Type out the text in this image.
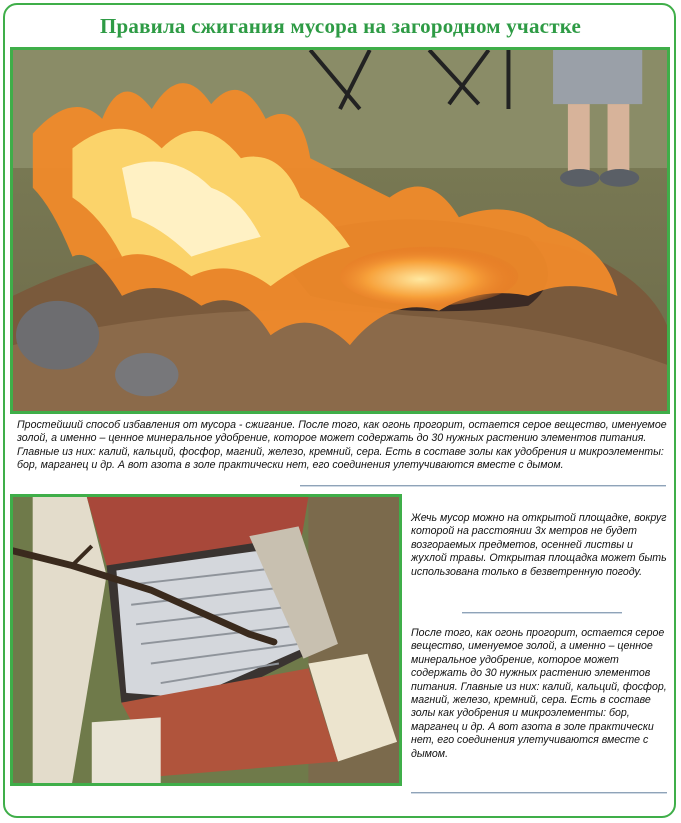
Правила сжигания мусора на загородном участке

Простейший способ избавления от мусора - сжигание. После того, как огонь прогорит, остается серое вещество, именуемое золой, а именно – ценное минеральное удобрение, которое может содержать до 30 нужных растению элементов питания. Главные из них: калий, кальций, фосфор, магний, железо, кремний, сера. Есть в составе золы как удобрения и микроэлементы: бор, марганец и др. А вот азота в золе практически нет, его соединения улетучиваются вместе с дымом.

Жечь мусор можно на открытой площадке, вокруг которой на расстоянии 3х метров не будет возгораемых предметов, осенней листвы и жухлой травы. Открытая площадка может быть использована только в безветренную погоду.

После того, как огонь прогорит, остается серое вещество, именуемое золой, а именно – ценное минеральное удобрение, которое может содержать до 30 нужных растению элементов питания. Главные из них: калий, кальций, фосфор, магний, железо, кремний, сера. Есть в составе золы как удобрения и микроэлементы: бор, марганец и др. А вот азота в золе практически нет, его соединения улетучиваются вместе с дымом.
